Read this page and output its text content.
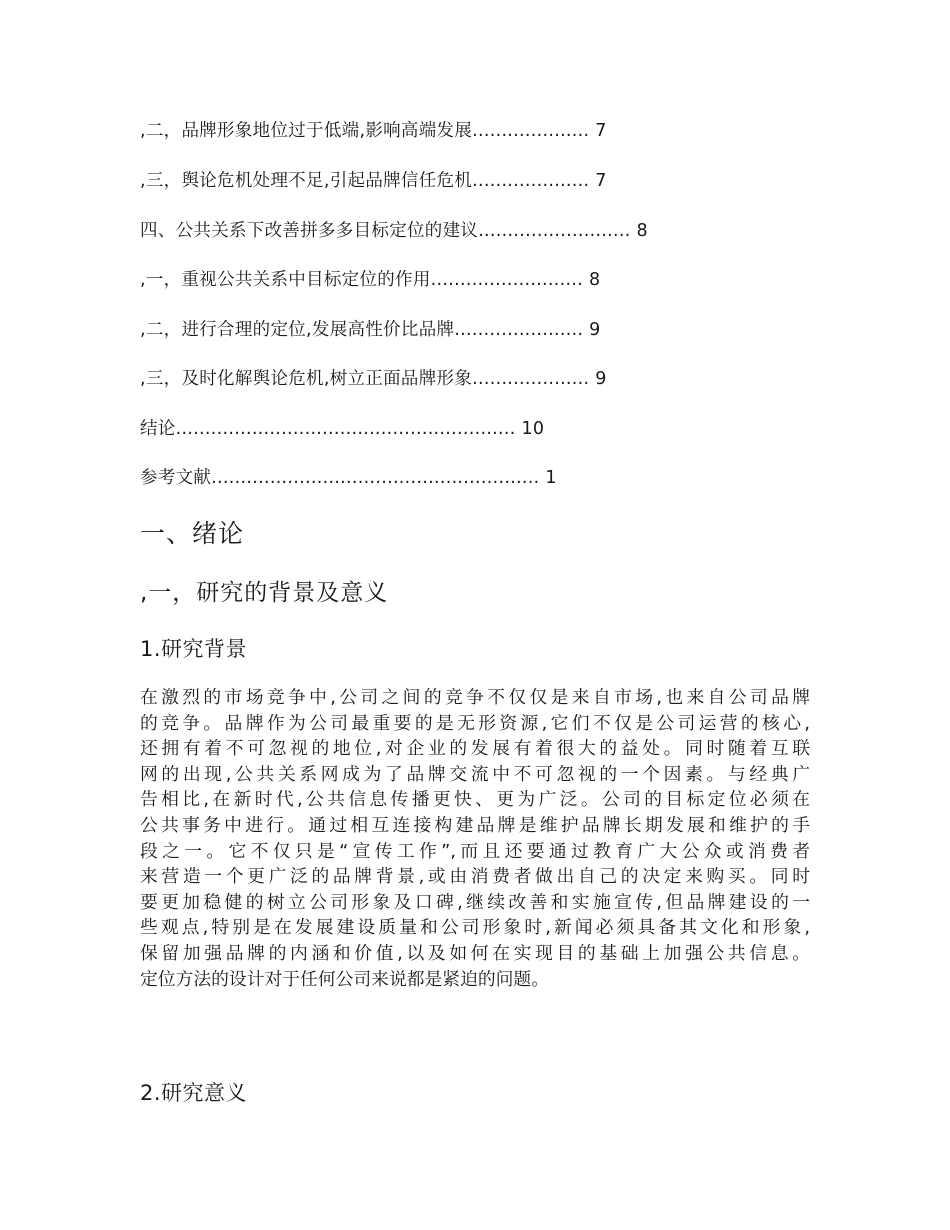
,二，品牌形象地位过于低端,影响高端发展.................... 7
,三，舆论危机处理不足,引起品牌信任危机.................... 7
四、公共关系下改善拼多多目标定位的建议.......................... 8
,一，重视公共关系中目标定位的作用.......................... 8
,二，进行合理的定位,发展高性价比品牌...................... 9
,三，及时化解舆论危机,树立正面品牌形象.................... 9
结论.......................................................... 10
参考文献........................................................ 1
一、绪论
,一，研究的背景及意义
1.研究背景
在激烈的市场竞争中,公司之间的竞争不仅仅是来自市场,也来自公司品牌
的竞争。品牌作为公司最重要的是无形资源,它们不仅是公司运营的核心,
还拥有着不可忽视的地位,对企业的发展有着很大的益处。同时随着互联
网的出现,公共关系网成为了品牌交流中不可忽视的一个因素。与经典广
告相比,在新时代,公共信息传播更快、更为广泛。公司的目标定位必须在
公共事务中进行。通过相互连接构建品牌是维护品牌长期发展和维护的手
段之一。它不仅只是“宣传工作”,而且还要通过教育广大公众或消费者
来营造一个更广泛的品牌背景,或由消费者做出自己的决定来购买。同时
要更加稳健的树立公司形象及口碑,继续改善和实施宣传,但品牌建设的一
些观点,特别是在发展建设质量和公司形象时,新闻必须具备其文化和形象,
保留加强品牌的内涵和价值,以及如何在实现目的基础上加强公共信息。
定位方法的设计对于任何公司来说都是紧迫的问题。
2.研究意义
